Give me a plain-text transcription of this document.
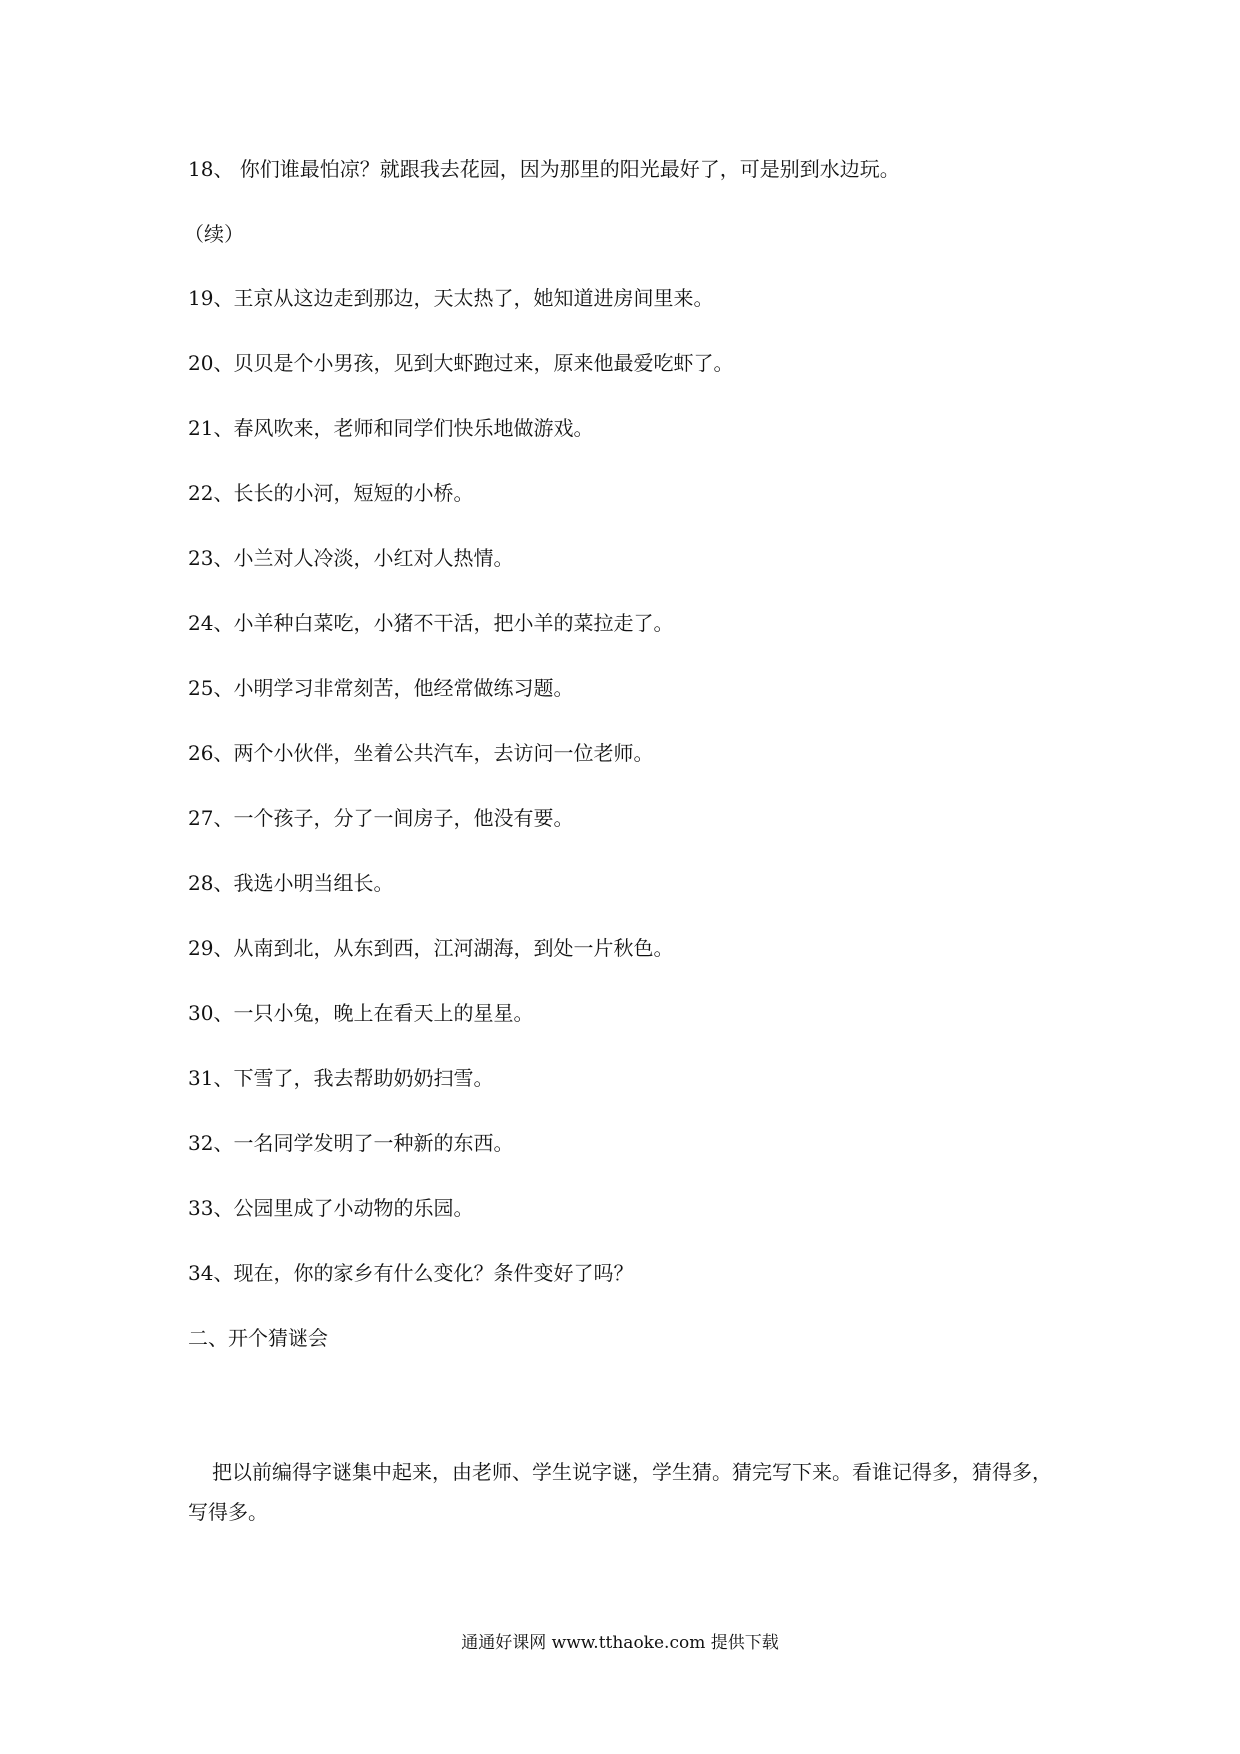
18、 你们谁最怕凉？就跟我去花园，因为那里的阳光最好了，可是别到水边玩。
（续）
19、王京从这边走到那边，天太热了，她知道进房间里来。
20、贝贝是个小男孩，见到大虾跑过来，原来他最爱吃虾了。
21、春风吹来，老师和同学们快乐地做游戏。
22、长长的小河，短短的小桥。
23、小兰对人冷淡，小红对人热情。
24、小羊种白菜吃，小猪不干活，把小羊的菜拉走了。
25、小明学习非常刻苦，他经常做练习题。
26、两个小伙伴，坐着公共汽车，去访问一位老师。
27、一个孩子，分了一间房子，他没有要。
28、我选小明当组长。
29、从南到北，从东到西，江河湖海，到处一片秋色。
30、一只小兔，晚上在看天上的星星。
31、下雪了，我去帮助奶奶扫雪。
32、一名同学发明了一种新的东西。
33、公园里成了小动物的乐园。
34、现在，你的家乡有什么变化？条件变好了吗？
二、开个猜谜会
把以前编得字谜集中起来，由老师、学生说字谜，学生猜。猜完写下来。看谁记得多，猜得多，写得多。
通通好课网 www.tthaoke.com 提供下载
